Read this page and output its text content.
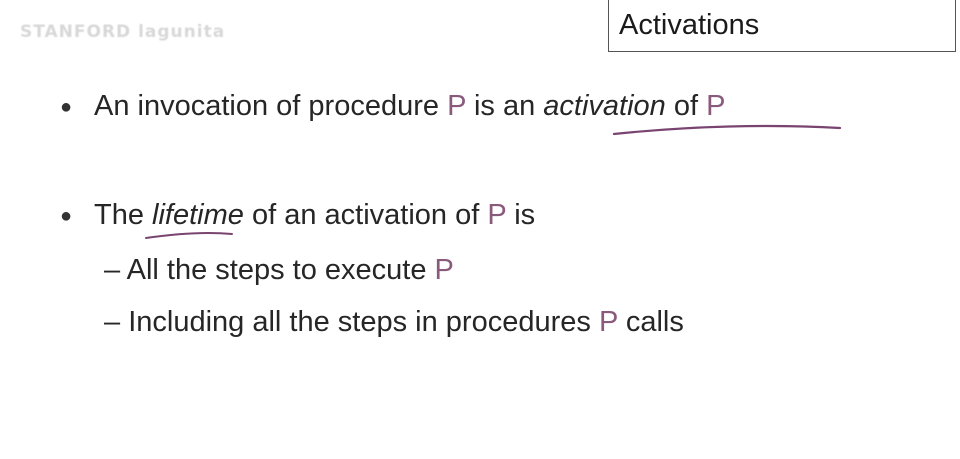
STANFORD lagunita	Activations
● An invocation of procedure P is an activation of P
● The lifetime of an activation of P is
– All the steps to execute P
– Including all the steps in procedures P calls
